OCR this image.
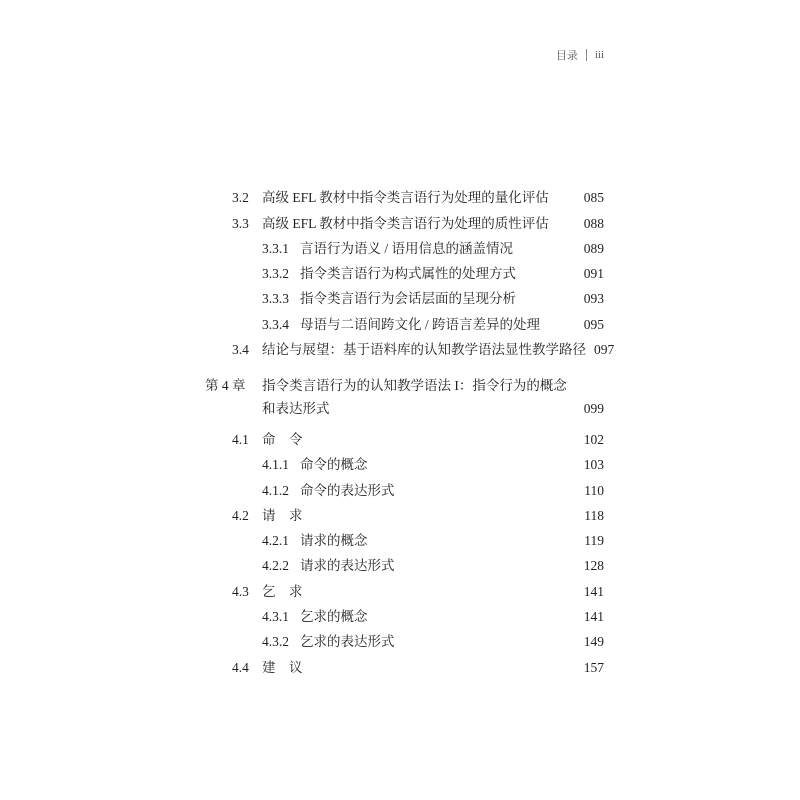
目录 iii
3.2 高级 EFL 教材中指令类言语行为处理的量化评估	085
3.3 高级 EFL 教材中指令类言语行为处理的质性评估	088
3.3.1 言语行为语义 / 语用信息的涵盖情况	089
3.3.2 指令类言语行为构式属性的处理方式	091
3.3.3 指令类言语行为会话层面的呈现分析	093
3.3.4 母语与二语间跨文化 / 跨语言差异的处理	095
3.4 结论与展望：基于语料库的认知教学语法显性教学路径 097
第 4 章	指令类言语行为的认知教学语法 I：指令行为的概念
和表达形式	099
4.1 命　令	102
4.1.1 命令的概念	103
4.1.2 命令的表达形式	110
4.2 请　求	118
4.2.1 请求的概念	119
4.2.2 请求的表达形式	128
4.3 乞　求	141
4.3.1 乞求的概念	141
4.3.2 乞求的表达形式	149
4.4 建　议	157
